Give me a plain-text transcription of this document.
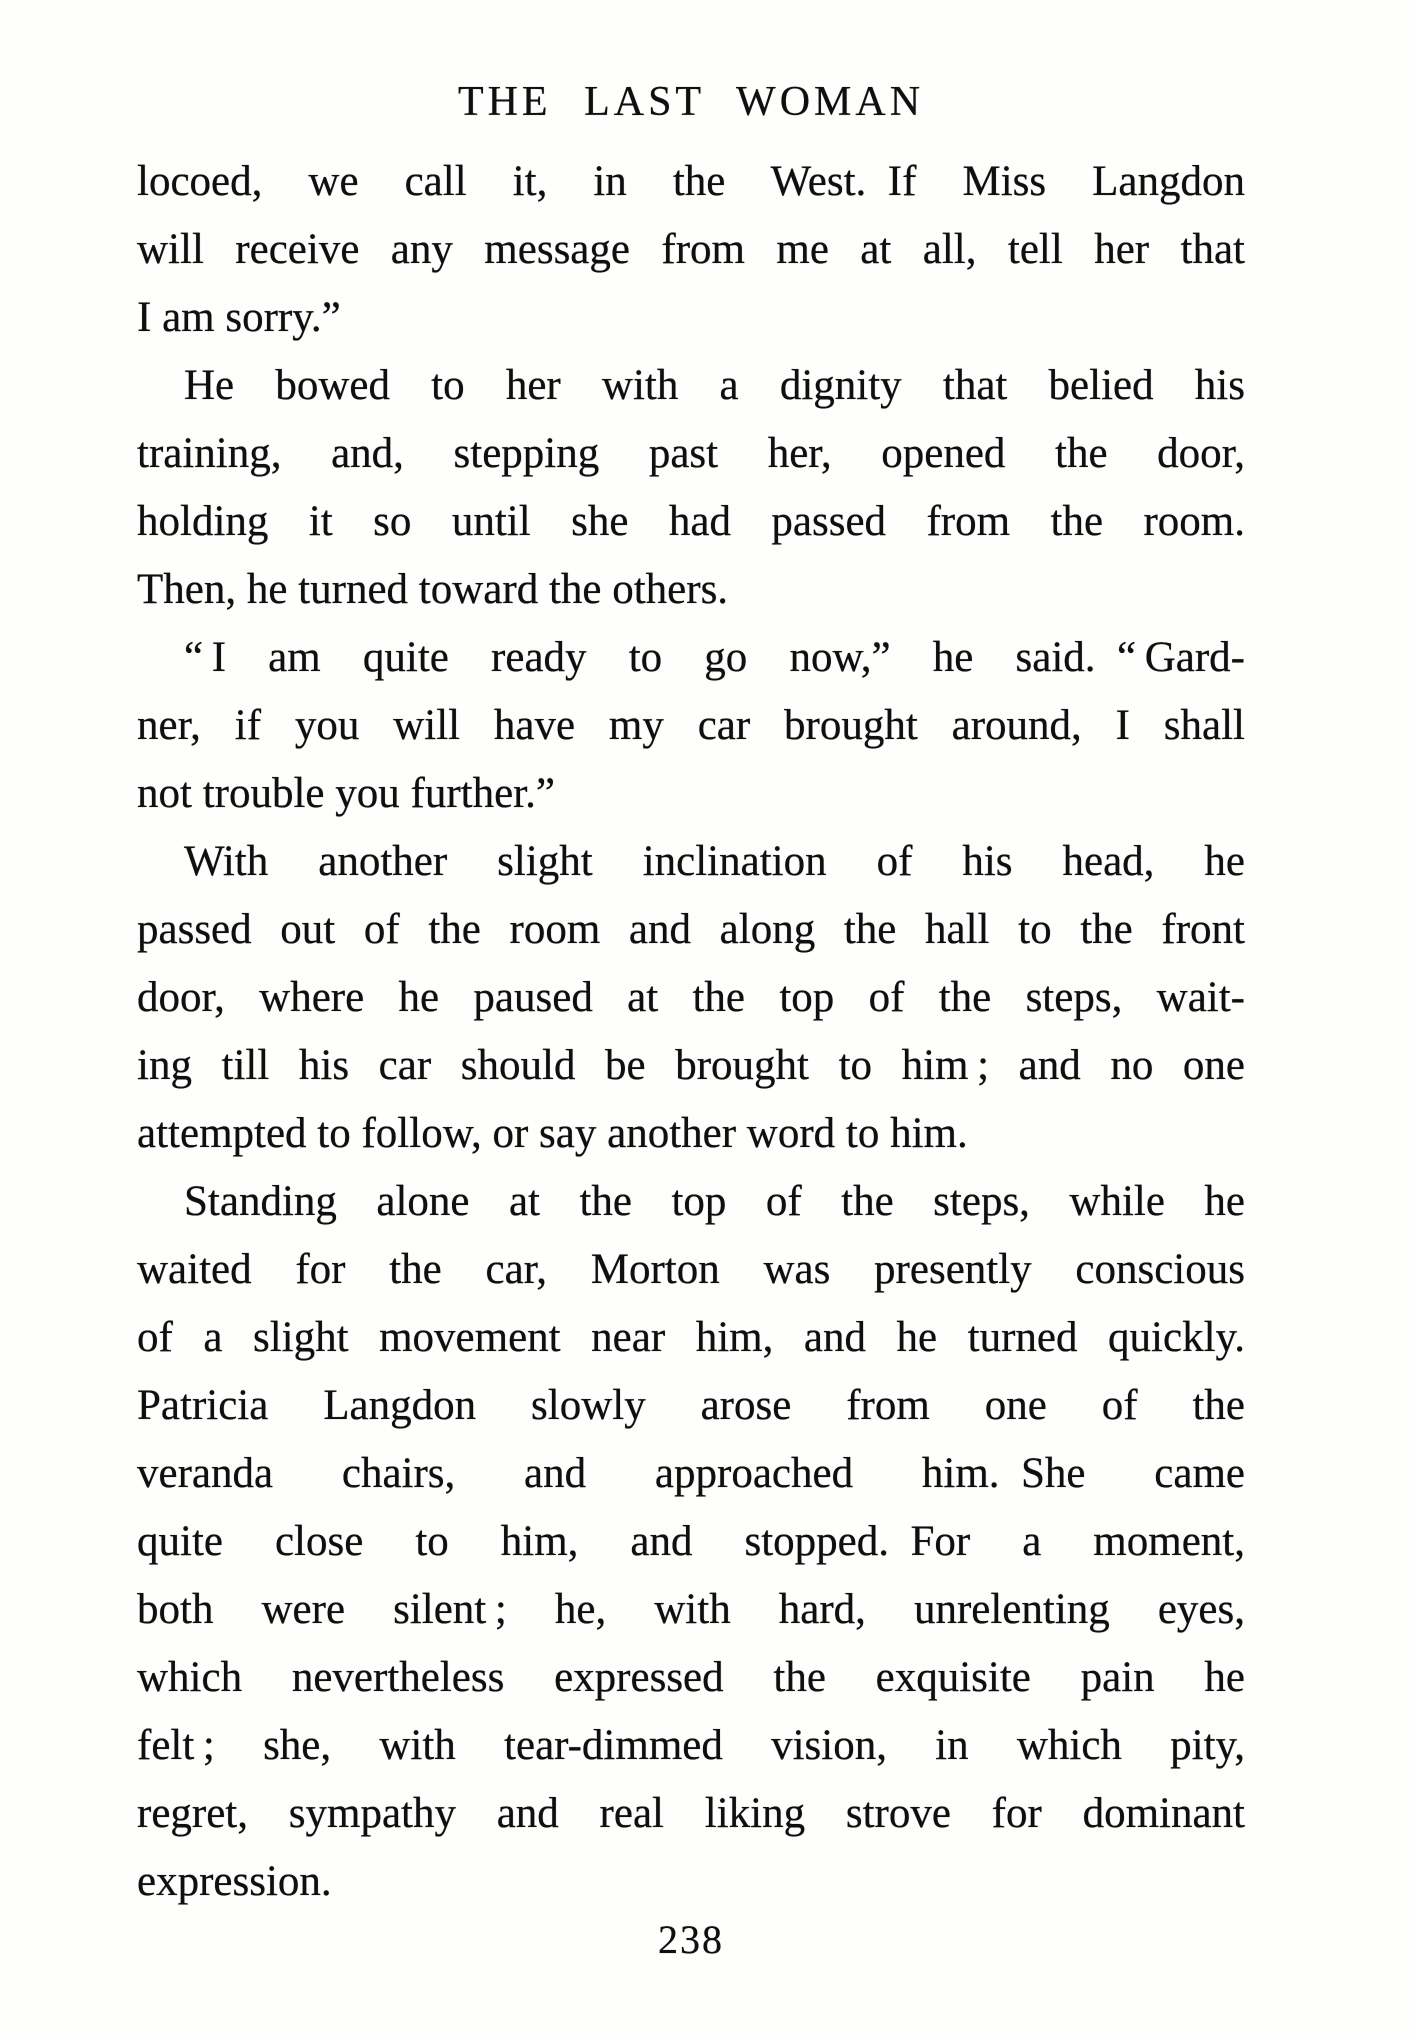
THE LAST WOMAN
locoed, we call it, in the West. If Miss Langdon
will receive any message from me at all, tell her that
I am sorry.”
He bowed to her with a dignity that belied his
training, and, stepping past her, opened the door,
holding it so until she had passed from the room.
Then, he turned toward the others.
“ I am quite ready to go now,” he said. “ Gard-
ner, if you will have my car brought around, I shall
not trouble you further.”
With another slight inclination of his head, he
passed out of the room and along the hall to the front
door, where he paused at the top of the steps, wait-
ing till his car should be brought to him ; and no one
attempted to follow, or say another word to him.
Standing alone at the top of the steps, while he
waited for the car, Morton was presently conscious
of a slight movement near him, and he turned quickly.
Patricia Langdon slowly arose from one of the
veranda chairs, and approached him. She came
quite close to him, and stopped. For a moment,
both were silent ; he, with hard, unrelenting eyes,
which nevertheless expressed the exquisite pain he
felt ; she, with tear-dimmed vision, in which pity,
regret, sympathy and real liking strove for dominant
expression.
238
